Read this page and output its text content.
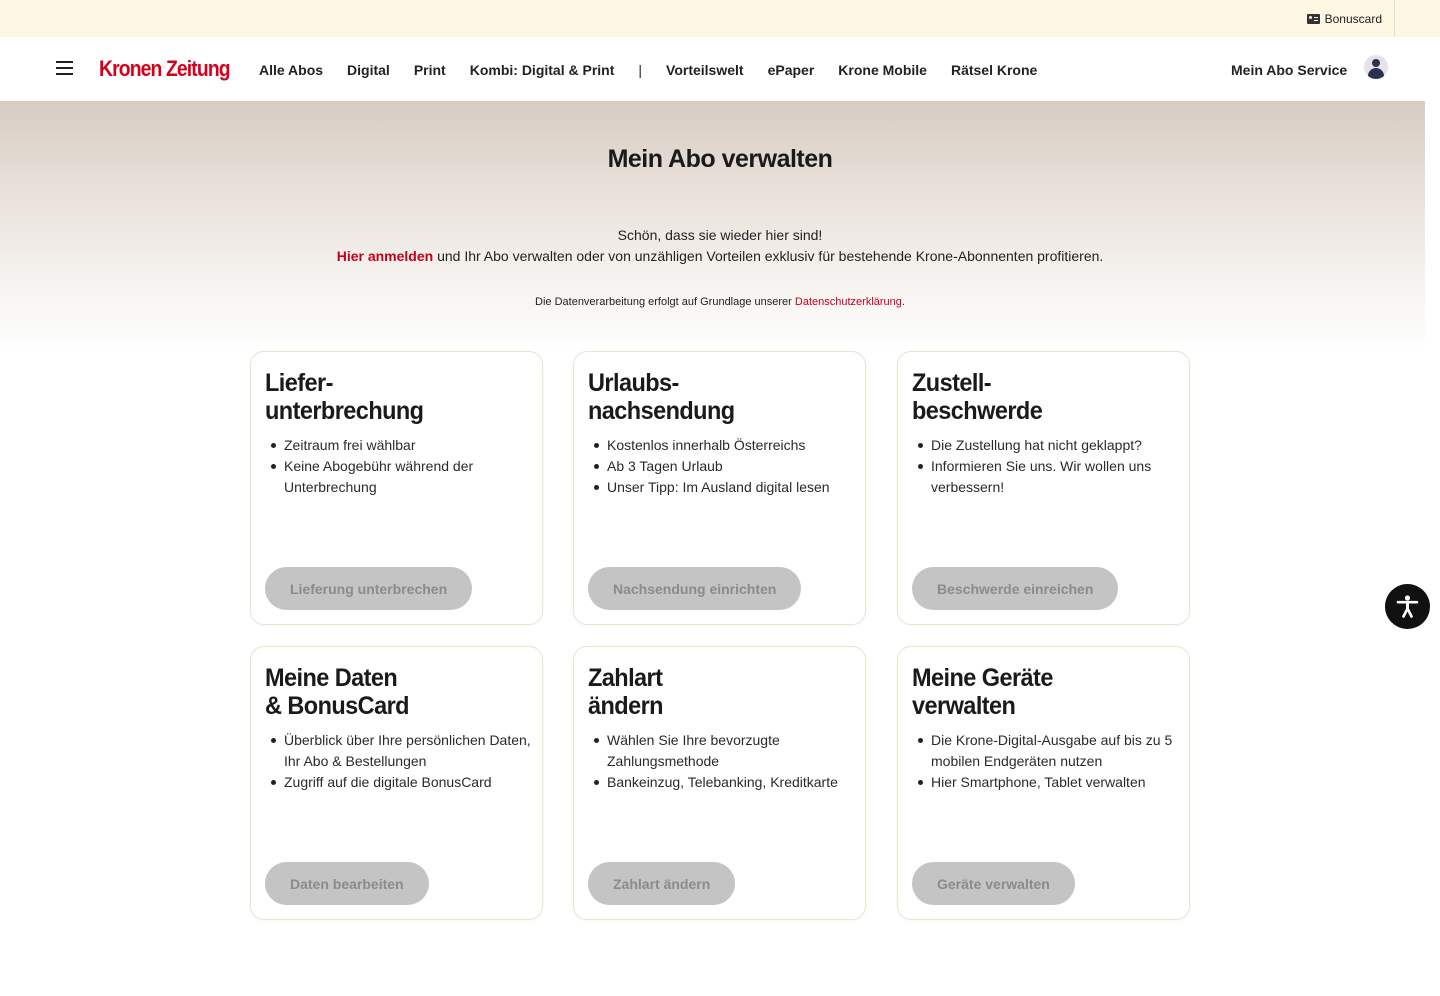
Bonuscard
Kronen Zeitung Alle Abos Digital Print Kombi: Digital & Print | Vorteilswelt ePaper Krone Mobile Rätsel Krone	Mein Abo Service
Mein Abo verwalten

Schön, dass sie wieder hier sind!

Hier anmelden und Ihr Abo verwalten oder von unzähligen Vorteilen exklusiv für bestehende Krone-Abonnenten profitieren.

Die Datenverarbeitung erfolgt auf Grundlage unserer Datenschutzerklärung.

Liefer-
unterbrechung
Zeitraum frei wählbar
Keine Abogebühr während der Unterbrechung
Lieferung unterbrechen
Urlaubs-
nachsendung
Kostenlos innerhalb Österreichs
Ab 3 Tagen Urlaub
Unser Tipp: Im Ausland digital lesen
Nachsendung einrichten
Zustell-
beschwerde
Die Zustellung hat nicht geklappt?
Informieren Sie uns. Wir wollen uns verbessern!
Beschwerde einreichen
Meine Daten
& BonusCard
Überblick über Ihre persönlichen Daten, Ihr Abo & Bestellungen
Zugriff auf die digitale BonusCard
Daten bearbeiten
Zahlart
ändern
Wählen Sie Ihre bevorzugte Zahlungsmethode
Bankeinzug, Telebanking, Kreditkarte
Zahlart ändern
Meine Geräte
verwalten
Die Krone-Digital-Ausgabe auf bis zu 5 mobilen Endgeräten nutzen
Hier Smartphone, Tablet verwalten
Geräte verwalten
